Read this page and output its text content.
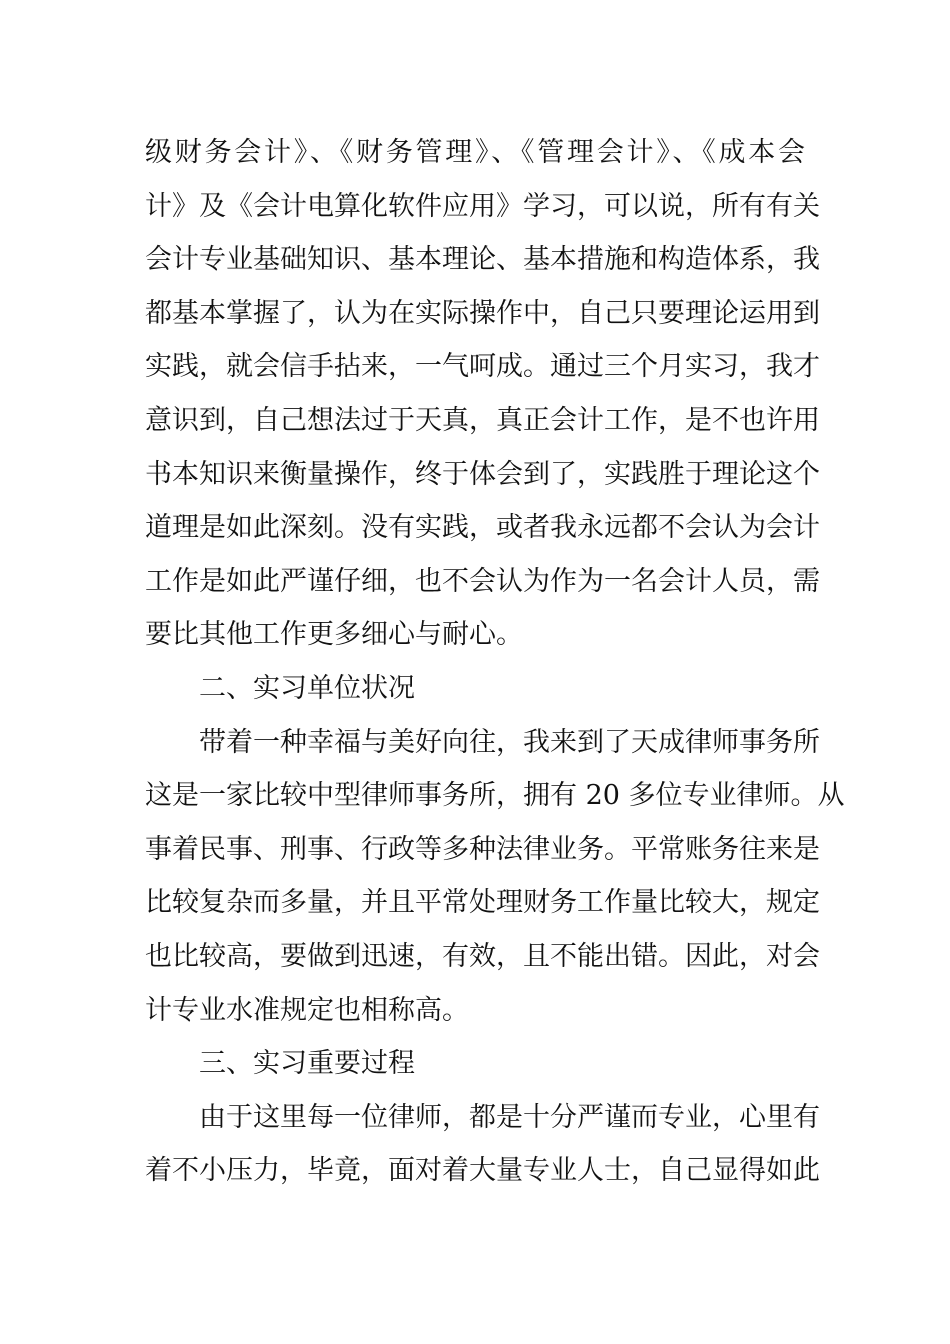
级财务会计》、《财务管理》、《管理会计》、《成本会
计》及《会计电算化软件应用》学习，可以说，所有有关
会计专业基础知识、基本理论、基本措施和构造体系，我
都基本掌握了，认为在实际操作中，自己只要理论运用到
实践，就会信手拈来，一气呵成。通过三个月实习，我才
意识到，自己想法过于天真，真正会计工作，是不也许用
书本知识来衡量操作，终于体会到了，实践胜于理论这个
道理是如此深刻。没有实践，或者我永远都不会认为会计
工作是如此严谨仔细，也不会认为作为一名会计人员，需
要比其他工作更多细心与耐心。
二、实习单位状况
带着一种幸福与美好向往，我来到了天成律师事务所
这是一家比较中型律师事务所，拥有 20 多位专业律师。从
事着民事、刑事、行政等多种法律业务。平常账务往来是
比较复杂而多量，并且平常处理财务工作量比较大，规定
也比较高，要做到迅速，有效，且不能出错。因此，对会
计专业水准规定也相称高。
三、实习重要过程
由于这里每一位律师，都是十分严谨而专业，心里有
着不小压力，毕竟，面对着大量专业人士，自己显得如此
